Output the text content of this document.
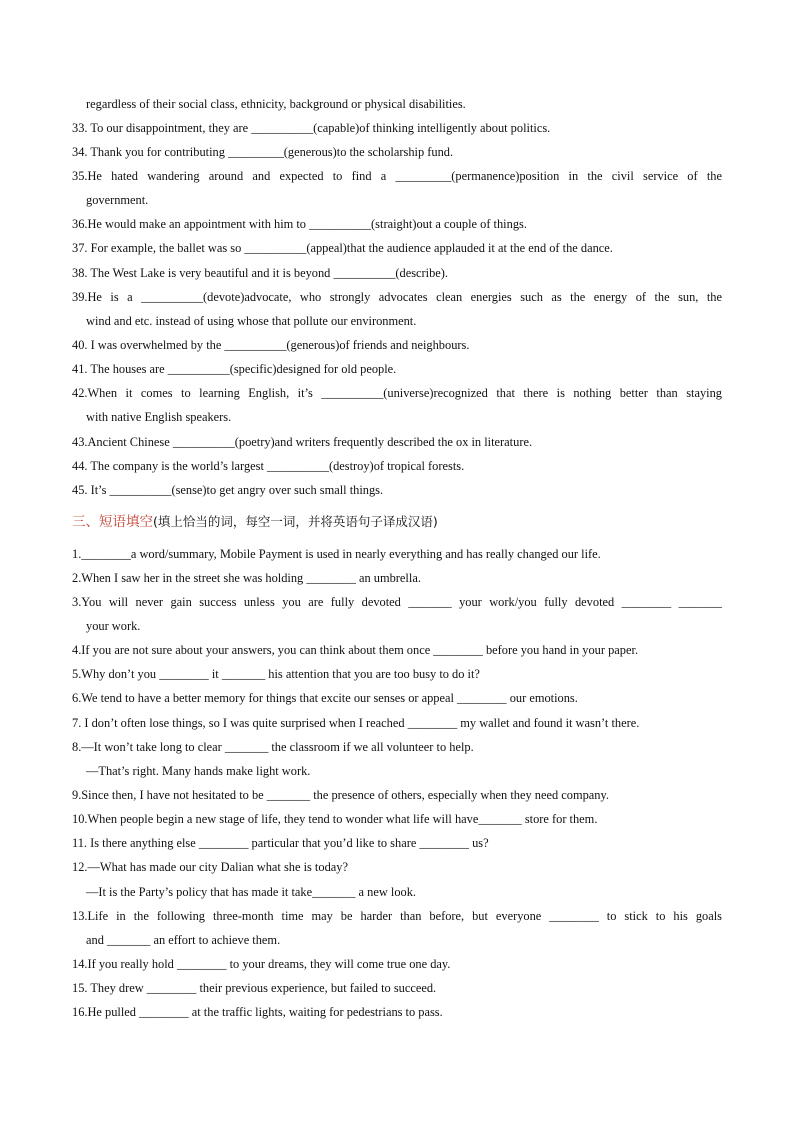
regardless of their social class, ethnicity, background or physical disabilities.
33. To our disappointment, they are __________(capable)of thinking intelligently about politics.
34. Thank you for contributing _________(generous)to the scholarship fund.
35.He hated wandering around and expected to find a _________(permanence)position in the civil service of the
government.
36.He would make an appointment with him to __________(straight)out a couple of things.
37. For example, the ballet was so __________(appeal)that the audience applauded it at the end of the dance.
38. The West Lake is very beautiful and it is beyond __________(describe).
39.He is a __________(devote)advocate, who strongly advocates clean energies such as the energy of the sun, the
wind and etc. instead of using whose that pollute our environment.
40. I was overwhelmed by the __________(generous)of friends and neighbours.
41. The houses are __________(specific)designed for old people.
42.When it comes to learning English, it’s __________(universe)recognized that there is nothing better than staying
with native English speakers.
43.Ancient Chinese __________(poetry)and writers frequently described the ox in literature.
44. The company is the world’s largest __________(destroy)of tropical forests.
45. It’s __________(sense)to get angry over such small things.
1.________a word/summary, Mobile Payment is used in nearly everything and has really changed our life.
2.When I saw her in the street she was holding ________ an umbrella.
3.You will never gain success unless you are fully devoted _______ your work/you fully devoted ________ _______
your work.
4.If you are not sure about your answers, you can think about them once ________ before you hand in your paper.
5.Why don’t you ________ it _______ his attention that you are too busy to do it?
6.We tend to have a better memory for things that excite our senses or appeal ________ our emotions.
7. I don’t often lose things, so I was quite surprised when I reached ________ my wallet and found it wasn’t there.
8.—It won’t take long to clear _______ the classroom if we all volunteer to help.
—That’s right. Many hands make light work.
9.Since then, I have not hesitated to be _______ the presence of others, especially when they need company.
10.When people begin a new stage of life, they tend to wonder what life will have_______ store for them.
11. Is there anything else ________ particular that you’d like to share ________ us?
12.—What has made our city Dalian what she is today?
—It is the Party’s policy that has made it take_______ a new look.
13.Life in the following three-month time may be harder than before, but everyone ________ to stick to his goals
and _______ an effort to achieve them.
14.If you really hold ________ to your dreams, they will come true one day.
15. They drew ________ their previous experience, but failed to succeed.
16.He pulled ________ at the traffic lights, waiting for pedestrians to pass.
三、短语填空(填上恰当的词，每空一词，并将英语句子译成汉语)
